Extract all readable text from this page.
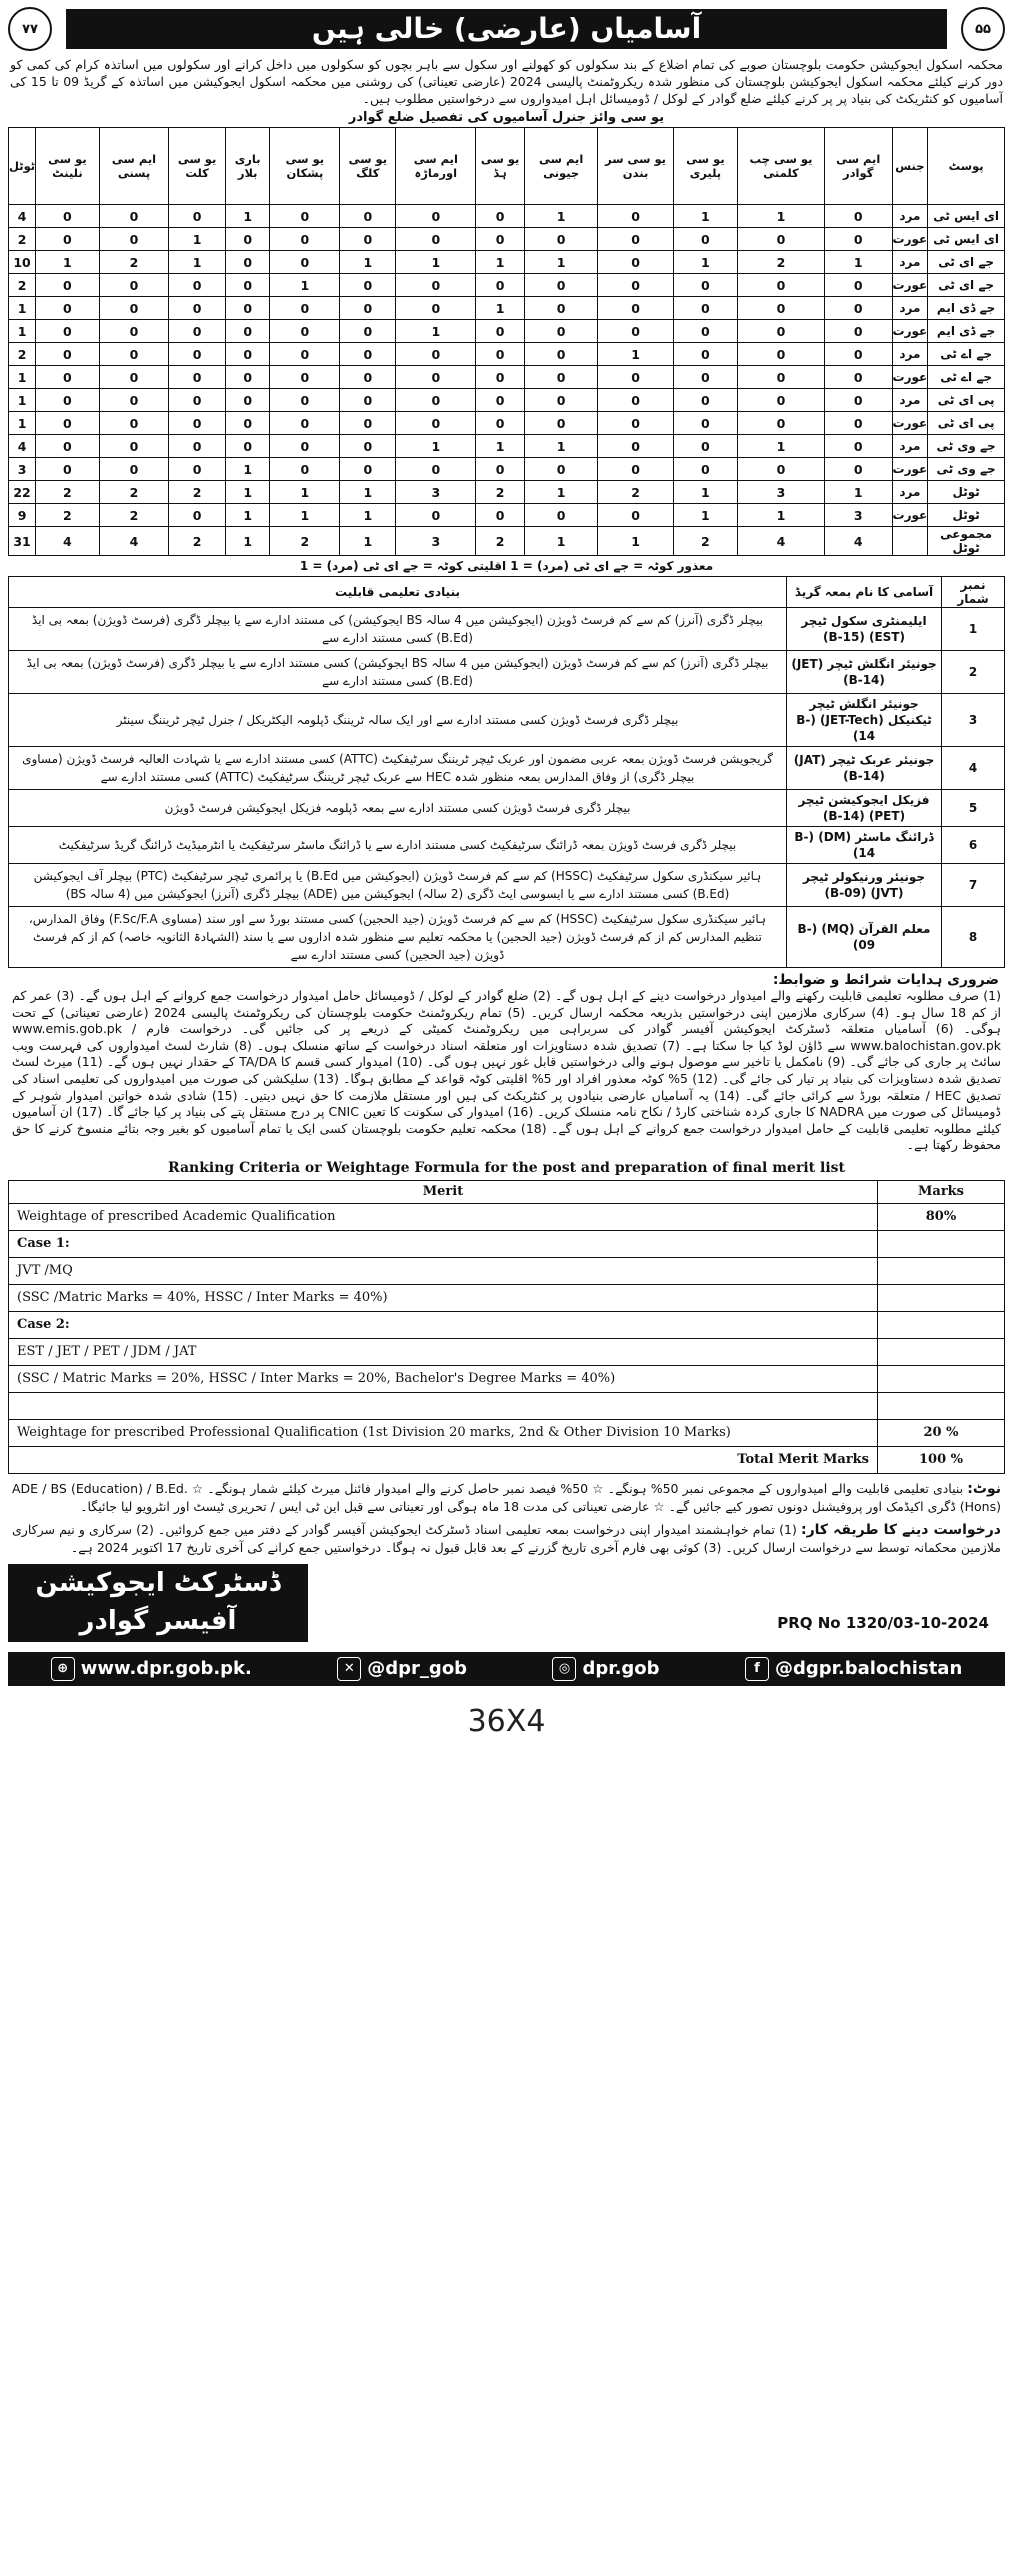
۷۷	آسامیاں (عارضی) خالی ہیں	۵۵
محکمہ اسکول ایجوکیشن حکومت بلوچستان صوبے کی تمام اضلاع کے بند سکولوں کو کھولنے اور سکول سے باہر بچوں کو سکولوں میں داخل کرانے اور سکولوں میں اساتذہ کرام کی کمی کو دور کرنے کیلئے محکمہ اسکول ایجوکیشن بلوچستان کی منظور شدہ ریکروٹمنٹ پالیسی 2024 (عارضی تعیناتی) کی روشنی میں محکمہ اسکول ایجوکیشن میں اساتذہ کے گریڈ 09 تا 15 کی آسامیوں کو کنٹریکٹ کی بنیاد پر پر کرنے کیلئے ضلع گوادر کے لوکل / ڈومیسائل اہل امیدواروں سے درخواستیں مطلوب ہیں۔
یو سی وائز جنرل آسامیوں کی تفصیل ضلع گوادر
ٹوٹل	یو سی نلینٹ	ایم سی پسنی	یو سی کلت	باری بلار	یو سی پشکان	یو سی کلگ	ایم سی اورماڑہ	یو سی ہڈ	ایم سی جیونی	یو سی سر بندن	یو سی پلیری	یو سی چب کلمتی	ایم سی گوادر	جنس	پوسٹ
4	0	0	0	1	0	0	0	0	1	0	1	1	0	مرد	ای ایس ٹی
2	0	0	1	0	0	0	0	0	0	0	0	0	0	عورت	ای ایس ٹی
10	1	2	1	0	0	1	1	1	1	0	1	2	1	مرد	جے ای ٹی
2	0	0	0	0	1	0	0	0	0	0	0	0	0	عورت	جے ای ٹی
1	0	0	0	0	0	0	0	1	0	0	0	0	0	مرد	جے ڈی ایم
1	0	0	0	0	0	0	1	0	0	0	0	0	0	عورت	جے ڈی ایم
2	0	0	0	0	0	0	0	0	0	1	0	0	0	مرد	جے اے ٹی
1	0	0	0	0	0	0	0	0	0	0	0	0	0	عورت	جے اے ٹی
1	0	0	0	0	0	0	0	0	0	0	0	0	0	مرد	پی ای ٹی
1	0	0	0	0	0	0	0	0	0	0	0	0	0	عورت	پی ای ٹی
4	0	0	0	0	0	0	1	1	1	0	0	1	0	مرد	جے وی ٹی
3	0	0	0	1	0	0	0	0	0	0	0	0	0	عورت	جے وی ٹی
22	2	2	2	1	1	1	3	2	1	2	1	3	1	مرد	ٹوٹل
9	2	2	0	1	1	1	0	0	0	0	1	1	3	عورت	ٹوٹل
31	4	4	2	1	2	1	3	2	1	1	2	4	4		مجموعی ٹوٹل
معذور کوٹہ = جے ای ٹی (مرد) = 1 اقلیتی کوٹہ = جے ای ٹی (مرد) = 1
بنیادی تعلیمی قابلیت	آسامی کا نام بمعہ گریڈ	نمبر شمار
بیچلر ڈگری (آنرز) کم سے کم فرسٹ ڈویژن (ایجوکیشن میں 4 سالہ BS ایجوکیشن) کی مستند ادارے سے یا بیچلر ڈگری (فرسٹ ڈویژن) بمعہ بی ایڈ (B.Ed) کسی مستند ادارے سے	ایلیمنٹری سکول ٹیچر (EST) (B-15)	1
بیچلر ڈگری (آنرز) کم سے کم فرسٹ ڈویژن (ایجوکیشن میں 4 سالہ BS ایجوکیشن) کسی مستند ادارے سے یا بیچلر ڈگری (فرسٹ ڈویژن) بمعہ بی ایڈ (B.Ed) کسی مستند ادارے سے	جونیئر انگلش ٹیچر (JET) (B-14)	2
بیچلر ڈگری فرسٹ ڈویژن کسی مستند ادارے سے اور ایک سالہ ٹریننگ ڈپلومہ الیکٹریکل / جنرل ٹیچر ٹریننگ سینٹر	جونیئر انگلش ٹیچر ٹیکنیکل (JET-Tech) (B-14)	3
گریجویشن فرسٹ ڈویژن بمعہ عربی مضمون اور عربک ٹیچر ٹریننگ سرٹیفکیٹ (ATTC) کسی مستند ادارے سے یا شہادت العالیہ فرسٹ ڈویژن (مساوی بیچلر ڈگری) از وفاق المدارس بمعہ منظور شدہ HEC سے عربک ٹیچر ٹریننگ سرٹیفکیٹ (ATTC) کسی مستند ادارے سے	جونیئر عربک ٹیچر (JAT) (B-14)	4
بیچلر ڈگری فرسٹ ڈویژن کسی مستند ادارے سے بمعہ ڈپلومہ فزیکل ایجوکیشن فرسٹ ڈویژن	فزیکل ایجوکیشن ٹیچر (PET) (B-14)	5
بیچلر ڈگری فرسٹ ڈویژن بمعہ ڈرائنگ سرٹیفکیٹ کسی مستند ادارے سے یا ڈرائنگ ماسٹر سرٹیفکیٹ یا انٹرمیڈیٹ ڈرائنگ گریڈ سرٹیفکیٹ	ڈرائنگ ماسٹر (DM) (B-14)	6
ہائیر سیکنڈری سکول سرٹیفکیٹ (HSSC) کم سے کم فرسٹ ڈویژن (ایجوکیشن میں B.Ed) یا پرائمری ٹیچر سرٹیفکیٹ (PTC) بیچلر آف ایجوکیشن (B.Ed) کسی مستند ادارے سے یا ایسوسی ایٹ ڈگری (2 سالہ) ایجوکیشن میں (ADE) بیچلر ڈگری (آنرز) ایجوکیشن میں (4 سالہ BS)	جونیئر ورنیکولر ٹیچر (JVT) (B-09)	7
ہائیر سیکنڈری سکول سرٹیفکیٹ (HSSC) کم سے کم فرسٹ ڈویژن (جید الحجین) کسی مستند بورڈ سے اور سند (مساوی F.Sc/F.A) وفاق المدارس، تنظیم المدارس کم از کم فرسٹ ڈویژن (جید الحجین) یا محکمہ تعلیم سے منظور شدہ اداروں سے یا سند (الشہادۃ الثانویہ خاصہ) کم از کم فرسٹ ڈویژن (جید الحجین) کسی مستند ادارے سے	معلم القرآن (MQ) (B-09)	8
ضروری ہدایات شرائط و ضوابط:
(1) صرف مطلوبہ تعلیمی قابلیت رکھنے والے امیدوار درخواست دینے کے اہل ہوں گے۔ (2) ضلع گوادر کے لوکل / ڈومیسائل حامل امیدوار درخواست جمع کروانے کے اہل ہوں گے۔ (3) عمر کم از کم 18 سال ہو۔ (4) سرکاری ملازمین اپنی درخواستیں بذریعہ محکمہ ارسال کریں۔ (5) تمام ریکروٹمنٹ حکومت بلوچستان کی ریکروٹمنٹ پالیسی 2024 (عارضی تعیناتی) کے تحت ہوگی۔ (6) آسامیاں متعلقہ ڈسٹرکٹ ایجوکیشن آفیسر گوادر کی سربراہی میں ریکروٹمنٹ کمیٹی کے ذریعے پر کی جائیں گی۔ درخواست فارم www.emis.gob.pk / www.balochistan.gov.pk سے ڈاؤن لوڈ کیا جا سکتا ہے۔ (7) تصدیق شدہ دستاویزات اور متعلقہ اسناد درخواست کے ساتھ منسلک ہوں۔ (8) شارٹ لسٹ امیدواروں کی فہرست ویب سائٹ پر جاری کی جائے گی۔ (9) نامکمل یا تاخیر سے موصول ہونے والی درخواستیں قابل غور نہیں ہوں گی۔ (10) امیدوار کسی قسم کا TA/DA کے حقدار نہیں ہوں گے۔ (11) میرٹ لسٹ تصدیق شدہ دستاویزات کی بنیاد پر تیار کی جائے گی۔ (12) 5% کوٹہ معذور افراد اور 5% اقلیتی کوٹہ قواعد کے مطابق ہوگا۔ (13) سلیکشن کی صورت میں امیدواروں کی تعلیمی اسناد کی تصدیق HEC / متعلقہ بورڈ سے کرائی جائے گی۔ (14) یہ آسامیاں عارضی بنیادوں پر کنٹریکٹ کی ہیں اور مستقل ملازمت کا حق نہیں دیتیں۔ (15) شادی شدہ خواتین امیدوار شوہر کے ڈومیسائل کی صورت میں NADRA کا جاری کردہ شناختی کارڈ / نکاح نامہ منسلک کریں۔ (16) امیدوار کی سکونت کا تعین CNIC پر درج مستقل پتے کی بنیاد پر کیا جائے گا۔ (17) ان آسامیوں کیلئے مطلوبہ تعلیمی قابلیت کے حامل امیدوار درخواست جمع کروانے کے اہل ہوں گے۔ (18) محکمہ تعلیم حکومت بلوچستان کسی ایک یا تمام آسامیوں کو بغیر وجہ بتائے منسوخ کرنے کا حق محفوظ رکھتا ہے۔
Ranking Criteria or Weightage Formula for the post and preparation of final merit list
Merit	Marks
Weightage of prescribed Academic Qualification	80%
Case 1:	
JVT /MQ	
(SSC /Matric Marks = 40%, HSSC / Inter Marks = 40%)	
Case 2:	
EST / JET / PET / JDM / JAT	
(SSC / Matric Marks = 20%, HSSC / Inter Marks = 20%, Bachelor's Degree Marks = 40%)	

Weightage for prescribed Professional Qualification (1st Division 20 marks, 2nd & Other Division 10 Marks)	20 %
Total Merit Marks	100 %
نوٹ: بنیادی تعلیمی قابلیت والے امیدواروں کے مجموعی نمبر 50% ہونگے۔ ☆ 50% فیصد نمبر حاصل کرنے والے امیدوار فائنل میرٹ کیلئے شمار ہونگے۔ ☆ ADE / BS (Education) / B.Ed. (Hons) ڈگری اکیڈمک اور پروفیشنل دونوں تصور کیے جائیں گے۔ ☆ عارضی تعیناتی کی مدت 18 ماہ ہوگی اور تعیناتی سے قبل این ٹی ایس / تحریری ٹیسٹ اور انٹرویو لیا جائیگا۔
درخواست دینے کا طریقہ کار: (1) تمام خواہشمند امیدوار اپنی درخواست بمعہ تعلیمی اسناد ڈسٹرکٹ ایجوکیشن آفیسر گوادر کے دفتر میں جمع کروائیں۔ (2) سرکاری و نیم سرکاری ملازمین محکمانہ توسط سے درخواست ارسال کریں۔ (3) کوئی بھی فارم آخری تاریخ گزرنے کے بعد قابل قبول نہ ہوگا۔ درخواستیں جمع کرانے کی آخری تاریخ 17 اکتوبر 2024 ہے۔
ڈسٹرکٹ ایجوکیشن
آفیسر گوادر	PRQ No 1320/03-10-2024
⊕ www.dpr.gob.pk.	✕ @dpr_gob	◎ dpr.gob	f @dgpr.balochistan
36X4
